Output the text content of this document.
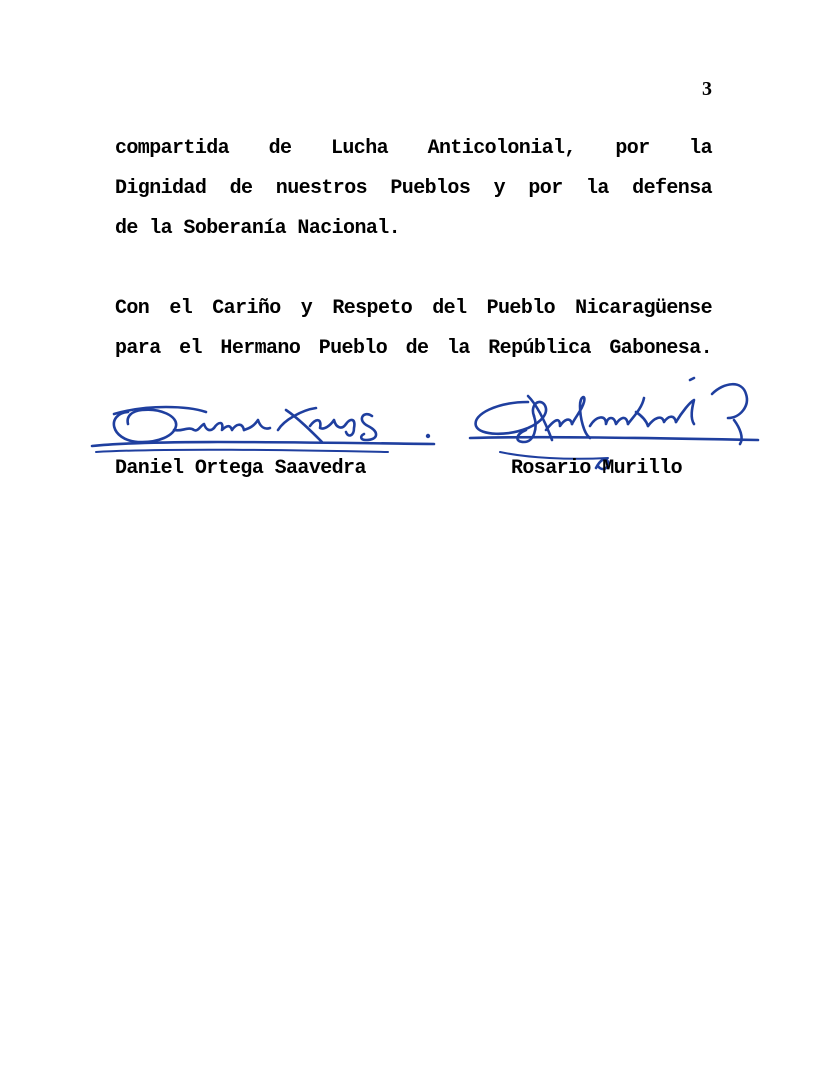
3
compartida de Lucha Anticolonial, por la
Dignidad de nuestros Pueblos y por la defensa
de la Soberanía Nacional.
Con el Cariño y Respeto del Pueblo Nicaragüense
para el Hermano Pueblo de la República Gabonesa.
Daniel Ortega Saavedra	Rosario Murillo
